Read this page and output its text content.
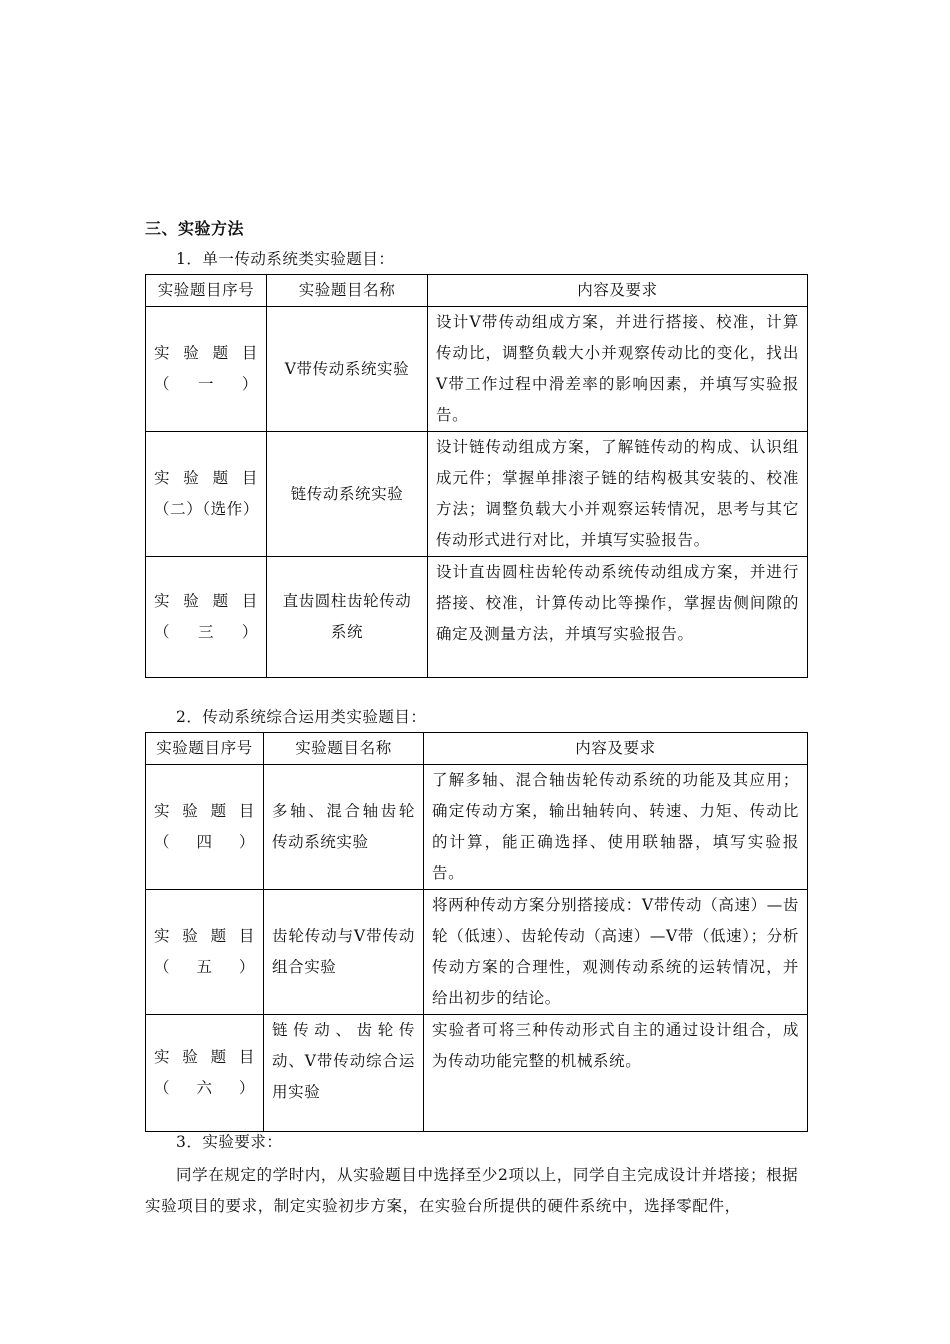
三、实验方法
1．单一传动系统类实验题目：
实验题目序号	实验题目名称	内容及要求
实 验 题 目（一）	V带传动系统实验	设计V带传动组成方案，并进行搭接、校准，计算传动比，调整负载大小并观察传动比的变化，找出V带工作过程中滑差率的影响因素，并填写实验报告。
实 验 题 目（二）（选作）	链传动系统实验	设计链传动组成方案，了解链传动的构成、认识组成元件；掌握单排滚子链的结构极其安装的、校准方法；调整负载大小并观察运转情况，思考与其它传动形式进行对比，并填写实验报告。
实 验 题 目（三）	直齿圆柱齿轮传动系统	设计直齿圆柱齿轮传动系统传动组成方案，并进行搭接、校准，计算传动比等操作，掌握齿侧间隙的确定及测量方法，并填写实验报告。
2．传动系统综合运用类实验题目：
实验题目序号	实验题目名称	内容及要求
实 验 题 目（四）	多轴、混合轴齿轮传动系统实验	了解多轴、混合轴齿轮传动系统的功能及其应用；确定传动方案，输出轴转向、转速、力矩、传动比的计算，能正确选择、使用联轴器，填写实验报告。
实 验 题 目（五）	齿轮传动与V带传动组合实验	将两种传动方案分别搭接成：V带传动（高速）—齿轮（低速）、齿轮传动（高速）—V带（低速）；分析传动方案的合理性，观测传动系统的运转情况，并给出初步的结论。
实 验 题 目（六）	链传动、齿轮传动、V带传动综合运用实验	实验者可将三种传动形式自主的通过设计组合，成为传动功能完整的机械系统。
3．实验要求：
同学在规定的学时内，从实验题目中选择至少2项以上，同学自主完成设计并塔接；根据实验项目的要求，制定实验初步方案，在实验台所提供的硬件系统中，选择零配件，
